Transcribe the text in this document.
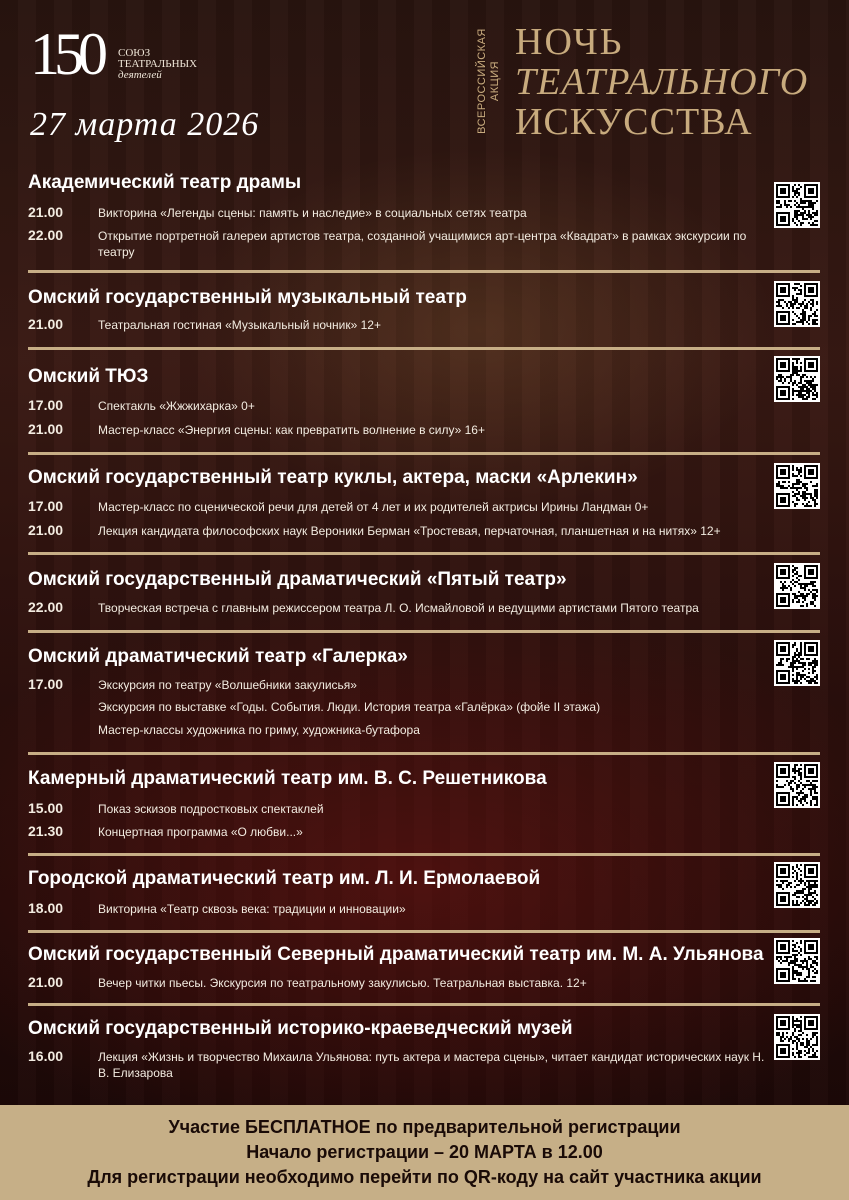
150 СОЮЗ
ТЕАТРАЛЬНЫХ
деятелей
27 марта 2026	ВСЕРОССИЙСКАЯ АКЦИЯ
НОЧЬ
ТЕАТРАЛЬНОГО
ИСКУССТВА
Академический театр драмы
21.00	Викторина «Легенды сцены: память и наследие» в социальных сетях театра
22.00	Открытие портретной галереи артистов театра, созданной учащимися арт-центра «Квадрат» в рамках экскурсии по театру
Омский государственный музыкальный театр
21.00	Театральная гостиная «Музыкальный ночник» 12+
Омский ТЮЗ
17.00	Спектакль «Жжжихарка» 0+
21.00	Мастер-класс «Энергия сцены: как превратить волнение в силу» 16+
Омский государственный театр куклы, актера, маски «Арлекин»
17.00	Мастер-класс по сценической речи для детей от 4 лет и их родителей актрисы Ирины Ландман 0+
21.00	Лекция кандидата философских наук Вероники Берман «Тростевая, перчаточная, планшетная и на нитях» 12+
Омский государственный драматический «Пятый театр»
22.00	Творческая встреча с главным режиссером театра Л. О. Исмайловой и ведущими артистами Пятого театра
Омский драматический театр «Галерка»
17.00	Экскурсия по театру «Волшебники закулисья»
Экскурсия по выставке «Годы. События. Люди. История театра «Галёрка» (фойе II этажа)
Мастер-классы художника по гриму, художника-бутафора
Камерный драматический театр им. В. С. Решетникова
15.00	Показ эскизов подростковых спектаклей
21.30	Концертная программа «О любви...»
Городской драматический театр им. Л. И. Ермолаевой
18.00	Викторина «Театр сквозь века: традиции и инновации»
Омский государственный Северный драматический театр им. М. А. Ульянова
21.00	Вечер читки пьесы. Экскурсия по театральному закулисью. Театральная выставка. 12+
Омский государственный историко-краеведческий музей
16.00	Лекция «Жизнь и творчество Михаила Ульянова: путь актера и мастера сцены», читает кандидат исторических наук Н. В. Елизарова
Участие БЕСПЛАТНОЕ по предварительной регистрации
Начало регистрации – 20 МАРТА в 12.00
Для регистрации необходимо перейти по QR-коду на сайт участника акции
